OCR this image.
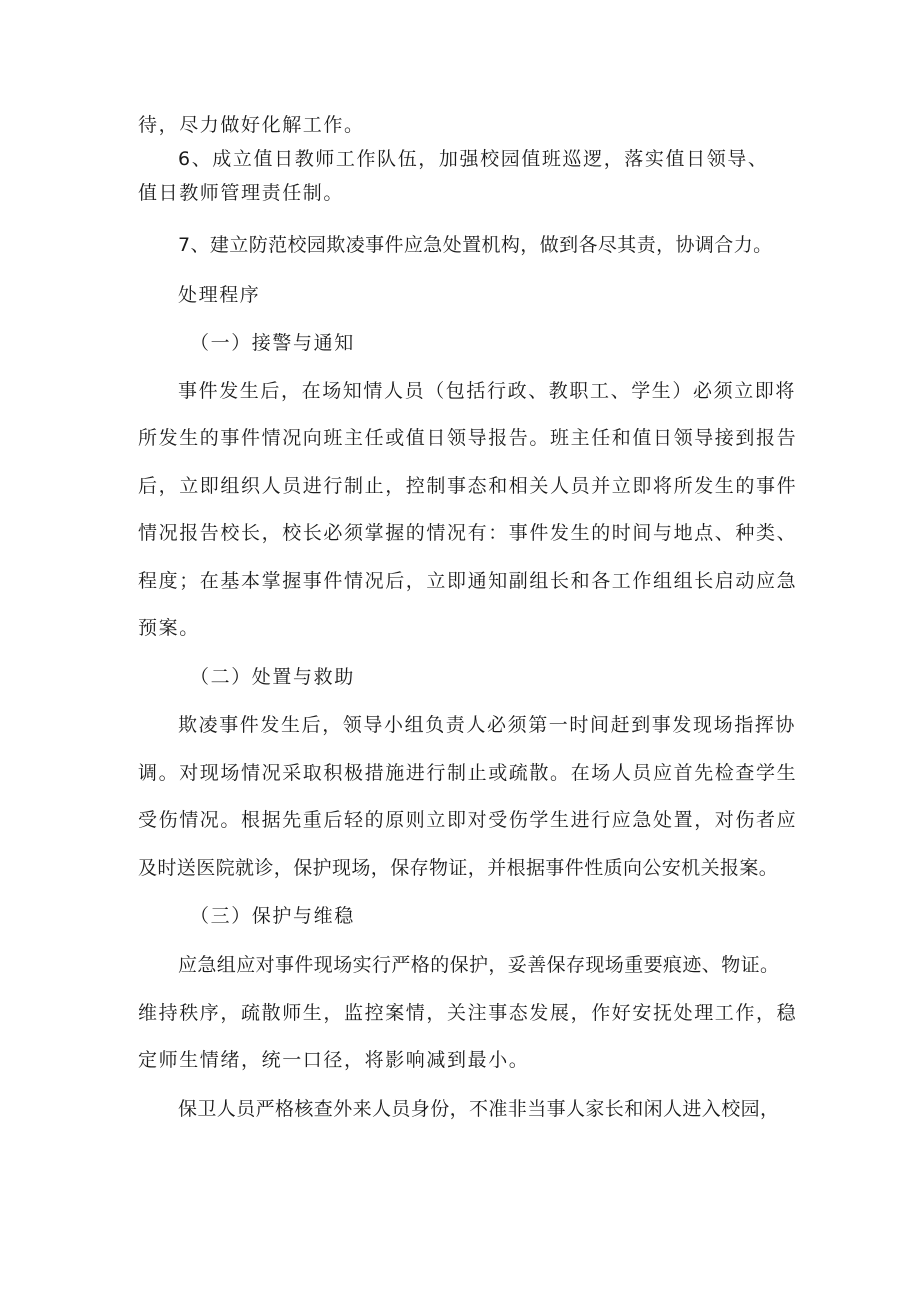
待，尽力做好化解工作。
6、成立值日教师工作队伍，加强校园值班巡逻，落实值日领导、
值日教师管理责任制。
7、建立防范校园欺凌事件应急处置机构，做到各尽其责，协调合力。
处理程序
（一）接警与通知
事件发生后，在场知情人员（包括行政、教职工、学生）必须立即将
所发生的事件情况向班主任或值日领导报告。班主任和值日领导接到报告
后，立即组织人员进行制止，控制事态和相关人员并立即将所发生的事件
情况报告校长，校长必须掌握的情况有：事件发生的时间与地点、种类、
程度；在基本掌握事件情况后，立即通知副组长和各工作组组长启动应急
预案。
（二）处置与救助
欺凌事件发生后，领导小组负责人必须第一时间赶到事发现场指挥协
调。对现场情况采取积极措施进行制止或疏散。在场人员应首先检查学生
受伤情况。根据先重后轻的原则立即对受伤学生进行应急处置，对伤者应
及时送医院就诊，保护现场，保存物证，并根据事件性质向公安机关报案。
（三）保护与维稳
应急组应对事件现场实行严格的保护，妥善保存现场重要痕迹、物证。
维持秩序，疏散师生，监控案情，关注事态发展，作好安抚处理工作，稳
定师生情绪，统一口径，将影响减到最小。
保卫人员严格核查外来人员身份，不准非当事人家长和闲人进入校园，
